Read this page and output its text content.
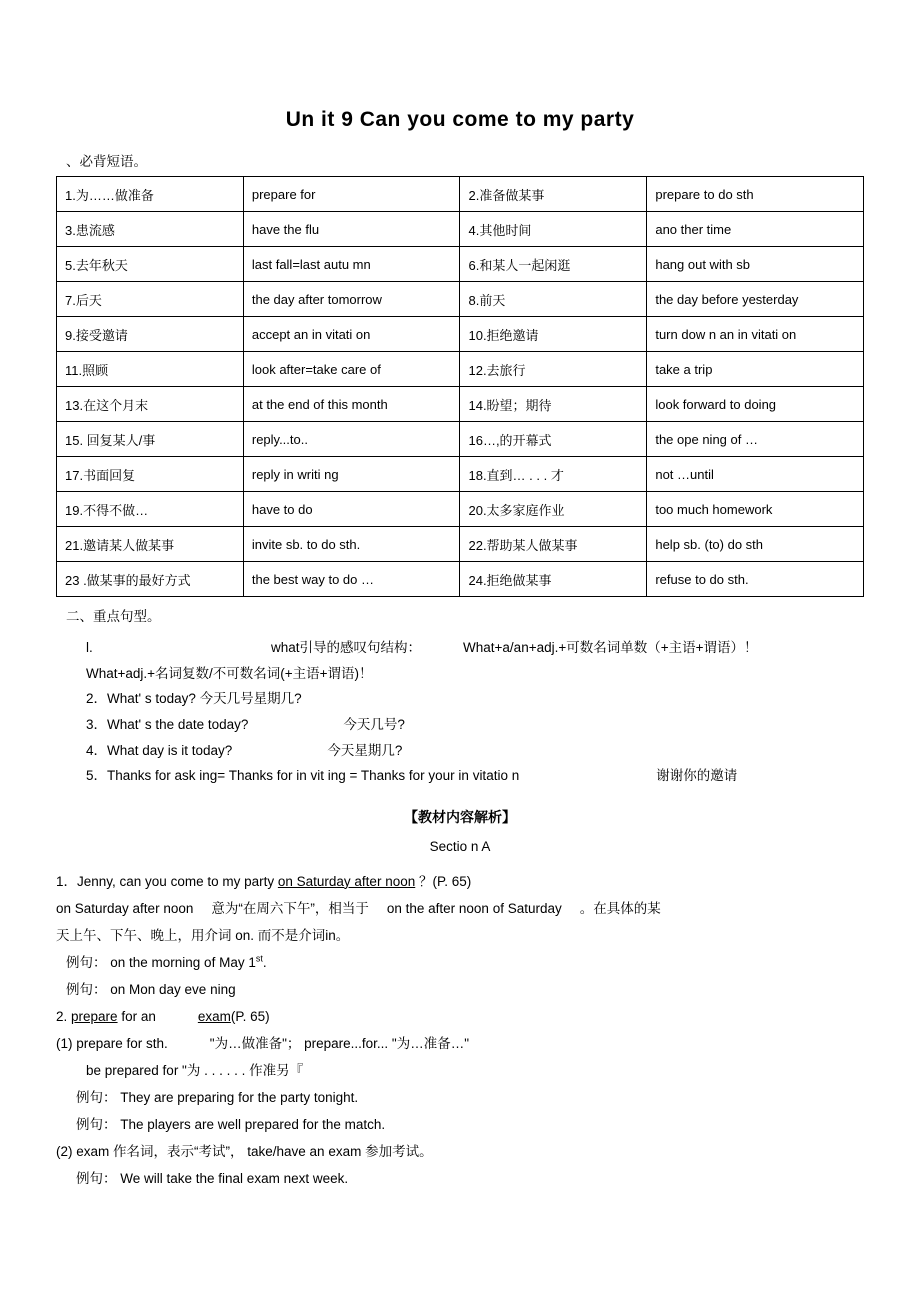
Un it 9 Can you come to my party
、必背短语。
1.为……做准备	prepare for	2.准备做某事	prepare to do sth
3.患流感	have the flu	4.其他时间	ano ther time
5.去年秋天	last fall=last autu mn	6.和某人一起闲逛	hang out with sb
7.后天	the day after tomorrow	8.前天	the day before yesterday
9.接受邀请	accept an in vitati on	10.拒绝邀请	turn dow n an in vitati on
11.照顾	look after=take care of	12.去旅行	take a trip
13.在这个月末	at the end of this month	14.盼望；期待	look forward to doing
15. 回复某人/事	reply...to..	16…,的开幕式	the ope ning of …
17.书面回复	reply in writi ng	18.直到… . . . 才	not …until
19.不得不做…	have to do	20.太多家庭作业	too much homework
21.邀请某人做某事	invite sb. to do sth.	22.帮助某人做某事	help sb. (to) do sth
23 .做某事的最好方式	the best way to do …	24.拒绝做某事	refuse to do sth.
二、重点句型。
l.	what引导的感叹句结构：	What+a/an+adj.+可数名词单数（+主语+谓语）！
What+adj.+名词复数/不可数名词(+主语+谓语)！
2．What' s today? 今天几号星期几?
3．What' s the date today?	今天几号?
4．What day is it today?	今天星期几?
5．Thanks for ask ing= Thanks for in vit ing = Thanks for your in vitatio n	谢谢你的邀请
【教材内容解析】
Sectio n A
1．Jenny, can you come to my party on Saturday after noon ？(P. 65)
on Saturday after noon 意为“在周六下午”，相当于 on the after noon of Saturday 。在具体的某
天上午、下午、晚上，用介词 on. 而不是介词in。
例句： on the morning of May 1st.
例句： on Mon day eve ning
2. prepare for an	exam(P. 65)
(1) prepare for sth.	"为…做准备"； prepare...for... "为…准备…"
be prepared for "为 . . . . . . 作准另『
例句： They are preparing for the party tonight.
例句： The players are well prepared for the match.
(2) exam 作名词，表示“考试”， take/have an exam 参加考试。
例句： We will take the final exam next week.
